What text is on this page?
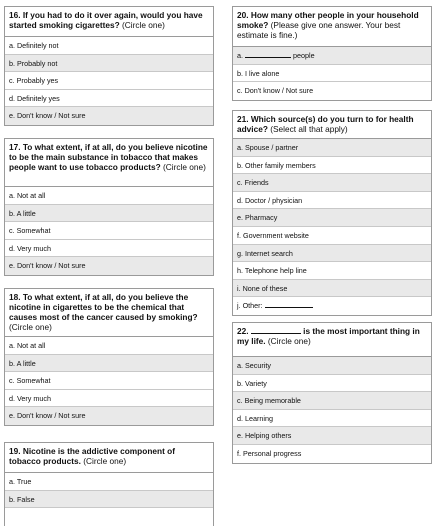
16. If you had to do it over again, would you have started smoking cigarettes? (Circle one)
a. Definitely not
b. Probably not
c. Probably yes
d. Definitely yes
e. Don't know / Not sure
17. To what extent, if at all, do you believe nicotine to be the main substance in tobacco that makes people want to use tobacco products? (Circle one)
a. Not at all
b. A little
c. Somewhat
d. Very much
e. Don't know / Not sure
18. To what extent, if at all, do you believe the nicotine in cigarettes to be the chemical that causes most of the cancer caused by smoking? (Circle one)
a. Not at all
b. A little
c. Somewhat
d. Very much
e. Don't know / Not sure
19. Nicotine is the addictive component of tobacco products. (Circle one)
a. True
b. False
20. How many other people in your household smoke? (Please give one answer. Your best estimate is fine.)
a.	people
b. I live alone
c. Don't know / Not sure
21. Which source(s) do you turn to for health advice? (Select all that apply)
a. Spouse / partner
b. Other family members
c. Friends
d. Doctor / physician
e. Pharmacy
f. Government website
g. Internet search
h. Telephone help line
i. None of these
j. Other:
22.	is the most important thing in my life. (Circle one)
a. Security
b. Variety
c. Being memorable
d. Learning
e. Helping others
f. Personal progress
